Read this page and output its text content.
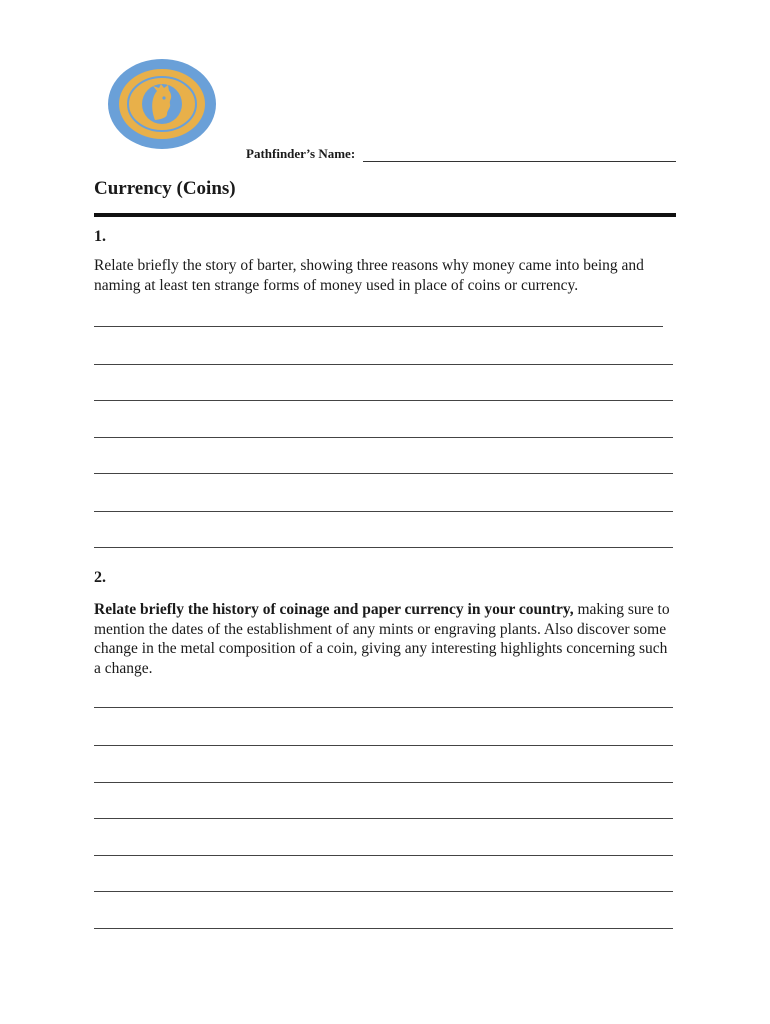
Pathfinder’s Name:
Currency (Coins)
1.
Relate briefly the story of barter, showing three reasons why money came into being and naming at least ten strange forms of money used in place of coins or currency.
2.
Relate briefly the history of coinage and paper currency in your country, making sure to mention the dates of the establishment of any mints or engraving plants. Also discover some change in the metal composition of a coin, giving any interesting highlights concerning such a change.
